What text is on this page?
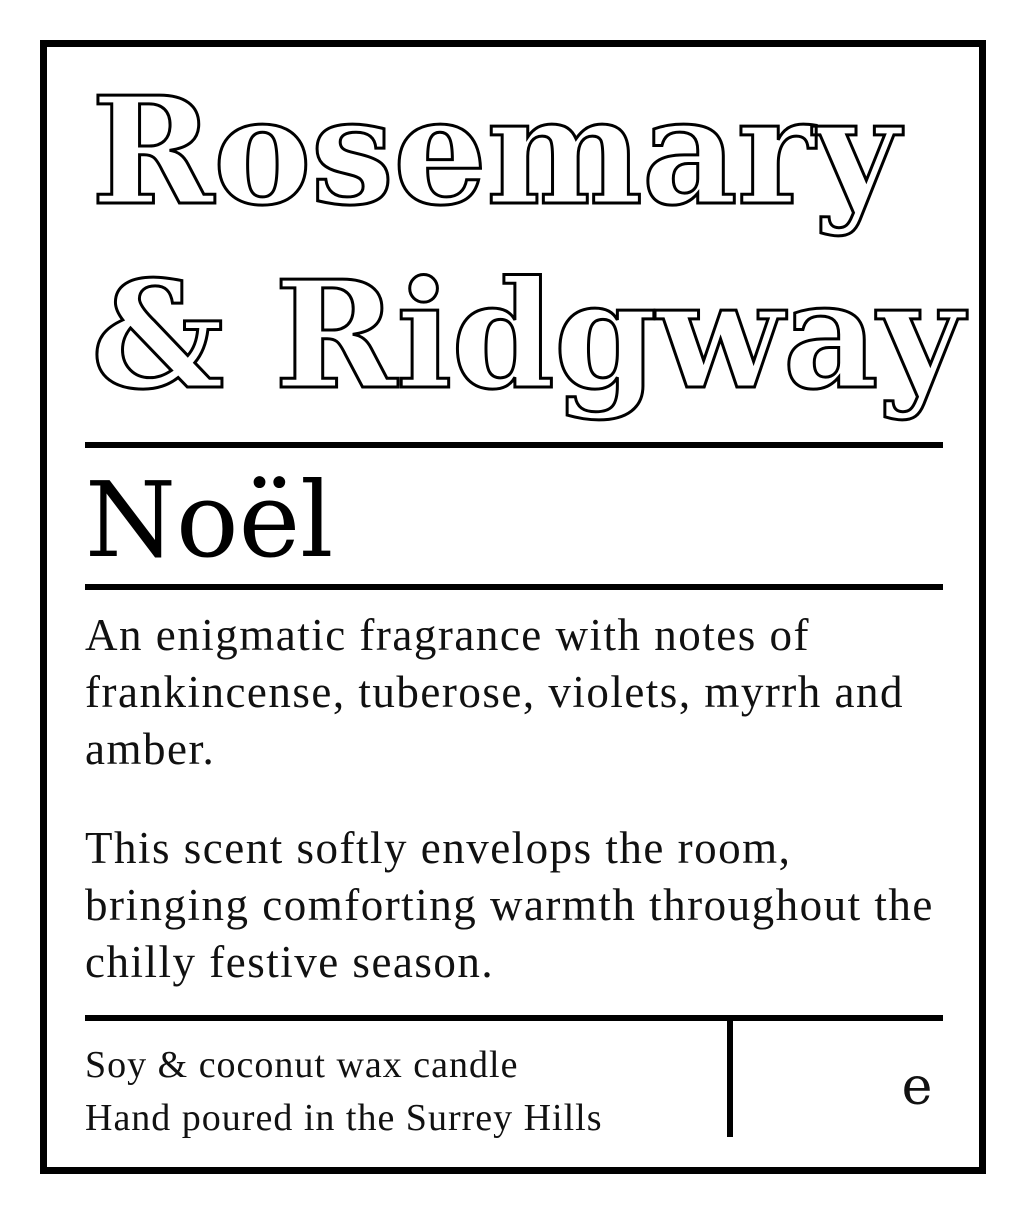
Rosemary
& Ridgway
Noël

An enigmatic fragrance with notes of frankincense, tuberose, violets, myrrh and amber.

This scent softly envelops the room, bringing comforting warmth throughout the chilly festive season.

Soy & coconut wax candle
Hand poured in the Surrey Hills
e
